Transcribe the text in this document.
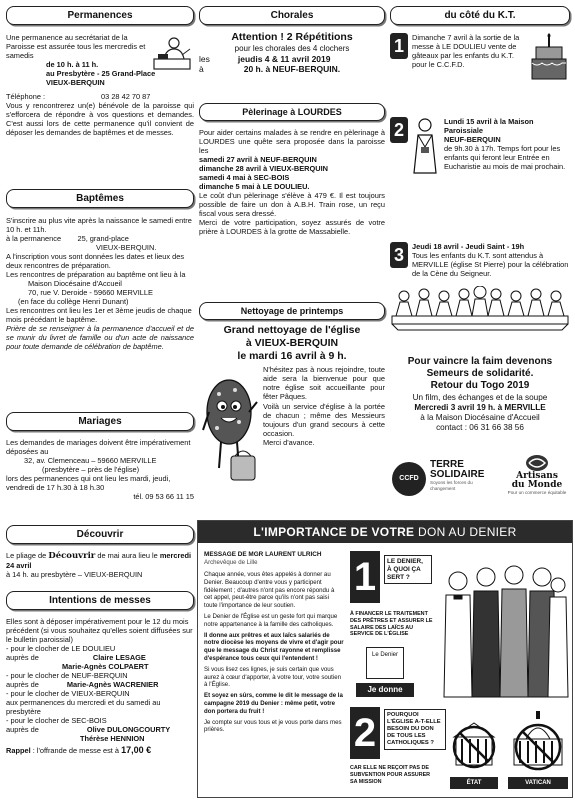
Permanences

Une permanence au secrétariat de la Paroisse est assurée tous les mercredis et samedis

de 10 h. à 11 h.

au Presbytère - 25 Grand-Place

VIEUX-BERQUIN

Téléphone :	03 28 42 70 87

Vous y rencontrerez un(e) bénévole de la paroisse qui s'efforcera de répondre à vos questions et demandes. C'est aussi lors de cette permanence qu'il convient de déposer les demandes de baptêmes et de messes.

Baptêmes

S'inscrire au plus vite après la naissance le samedi entre 10 h. et 11h.

à la permanence        25, grand-place

VIEUX-BERQUIN.

A l'inscription vous sont données les dates et lieux des deux rencontres de préparation.

Les rencontres de préparation au baptême ont lieu à la

Maison Diocésaine d'Accueil

70, rue V. Deroide - 59660 MERVILLE

(en face du collège Henri Dunant)

Les rencontres ont lieu les 1er et 3ème jeudis de chaque mois précédant le baptême.

Prière de se renseigner à la permanence d'accueil et de se munir du livret de famille ou d'un acte de naissance pour toute demande de célébration de baptême.

Mariages

Les demandes de mariages doivent être impérativement déposées au

32, av. Clemenceau – 59660 MERVILLE

(presbytère – près de l'église)

lors des permanences qui ont lieu les mardi, jeudi, vendredi de 17 h.30 à 18 h.30

tél. 09 53 66 11 15

Découvrir

Le pliage de Découvrir de mai aura lieu le mercredi 24 avril

à 14 h. au presbytère – VIEUX-BERQUIN

Intentions de messes

Elles sont à déposer impérativement pour le 12 du mois précédent (si vous souhaitez qu'elles soient diffusées sur le bulletin paroissial)

- pour le clocher de LE DOULIEU

auprès de	Claire LESAGE

Marie-Agnès COLPAERT

- pour le clocher de NEUF-BERQUIN

auprès de	Marie-Agnès WACRENIER

- pour le clocher de VIEUX-BERQUIN

aux permanences du mercredi et du samedi au presbytère

- pour le clocher de SEC-BOIS

auprès de	Olive DULONGCOURTY

Thérèse HENNION

Rappel : l'offrande de messe est à 17,00 €

Chorales

Attention ! 2 Répétitions

pour les chorales des 4 clochers

les	jeudis 4 & 11 avril 2019

à	20 h. à NEUF-BERQUIN.

Pèlerinage à LOURDES

Pour aider certains malades à se rendre en pèlerinage à LOURDES une quête sera proposée dans la paroisse les

samedi 27 avril à NEUF-BERQUIN

dimanche 28 avril à VIEUX-BERQUIN

samedi 4 mai à SEC-BOIS

dimanche 5 mai à LE DOULIEU.

Le coût d'un pèlerinage s'élève à 479 €. Il est toujours possible de faire un don à A.B.H. Train rose, un reçu fiscal vous sera dressé.

Merci de votre participation, soyez assurés de votre prière à LOURDES à la grotte de Massabielle.

Nettoyage de printemps

Grand nettoyage de l'église

à VIEUX-BERQUIN

le mardi 16 avril à 9 h.

N'hésitez pas à nous rejoindre, toute aide sera la bienvenue pour que notre église soit accueillante pour fêter Pâques.

Voilà un service d'église à la portée de chacun ; même des Messieurs toujours d'un grand secours à cette occasion.

Merci d'avance.

du côté du K.T.
1	Dimanche 7 avril à la sortie de la messe à LE DOULIEU vente de gâteaux par les enfants du K.T. pour le C.C.F.D.

2	Lundi 15 avril à la Maison Paroissiale

NEUF-BERQUIN

de 9h.30 à 17h. Temps fort pour les enfants qui feront leur Entrée en Eucharistie au mois de mai prochain.

3	Jeudi 18 avril - Jeudi Saint - 19h

Tous les enfants du K.T. sont attendus à MERVILLE (église St Pierre) pour la célébration de la Cène du Seigneur.

Pour vaincre la faim devenons

Semeurs de solidarité.

Retour du Togo 2019

Un film, des échanges et de la soupe

Mercredi 3 avril 19 h. à MERVILLE

à la Maison Diocésaine d'Accueil

contact : 06 31 66 38 56

CCFD

TERRE

SOLIDAIRE

Soyons les forces du changement

Artisans

du Monde

Pour un commerce équitable

L'IMPORTANCE DE VOTRE DON AU DENIER

MESSAGE DE MGR LAURENT ULRICH

Archevêque de Lille

Chaque année, vous êtes appelés à donner au Denier. Beaucoup d'entre vous y participent fidèlement ; d'autres n'ont pas encore répondu à cet appel, peut-être parce qu'ils n'ont pas saisi toute l'importance de leur soutien.

Le Denier de l'Église est un geste fort qui marque notre appartenance à la famille des catholiques.

Il donne aux prêtres et aux laïcs salariés de notre diocèse les moyens de vivre et d'agir pour que le message du Christ rayonne et remplisse d'espérance tous ceux qui l'entendent !

Si vous lisez ces lignes, je suis certain que vous aurez à cœur d'apporter, à votre tour, votre soutien à l'Église.

Et soyez en sûrs, comme le dit le message de la campagne 2019 du Denier : même petit, votre don portera du fruit !

Je compte sur vous tous et je vous porte dans mes prières.

1	LE DENIER, À QUOI ÇA SERT ?

À FINANCER LE TRAITEMENT DES PRÊTRES ET ASSURER LE SALAIRE DES LAÏCS AU SERVICE DE L'ÉGLISE

Le Denier
Je donne
2	POURQUOI L'ÉGLISE A-T-ELLE BESOIN DU DON DE TOUS LES CATHOLIQUES ?

CAR ELLE NE REÇOIT PAS DE SUBVENTION POUR ASSURER SA MISSION	ÉTAT	VATICAN
